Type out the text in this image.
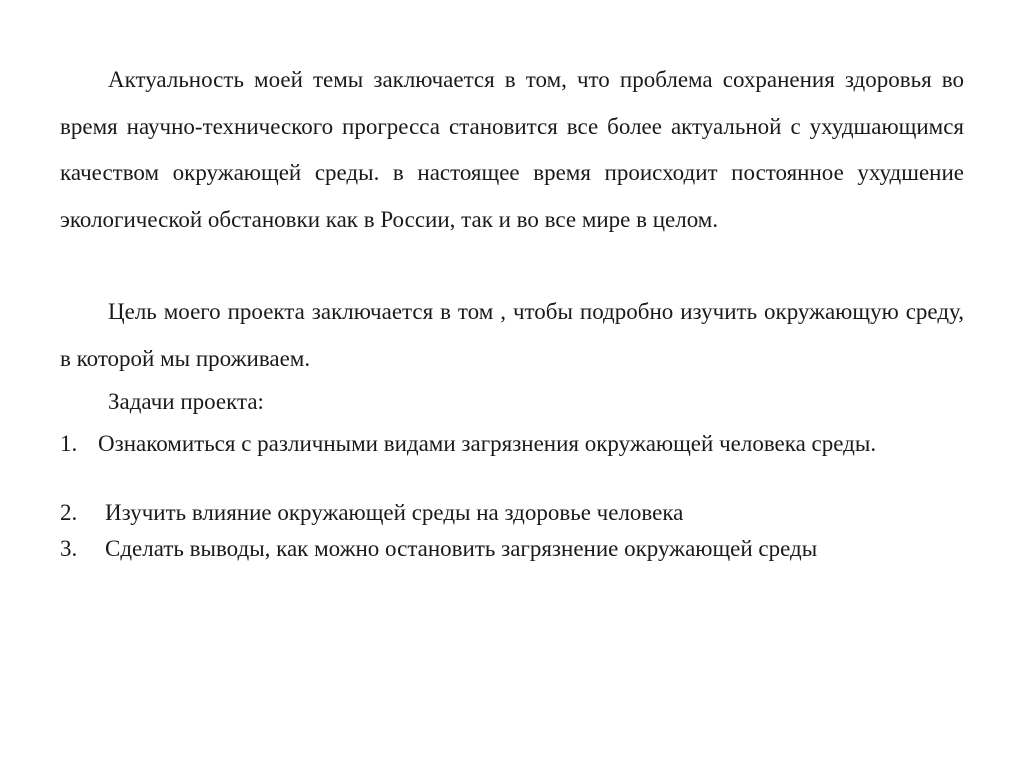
Актуальность моей темы заключается в том, что проблема сохранения здоровья во время научно-технического прогресса становится все более актуальной с ухудшающимся качеством окружающей среды. в настоящее время происходит постоянное ухудшение экологической обстановки как в России, так и во все мире в целом.

Цель моего проекта заключается в том , чтобы подробно изучить окружающую среду, в которой мы проживаем.

Задачи проекта:

1. Ознакомиться с различными видами загрязнения окружающей человека среды.
2.	Изучить влияние окружающей среды на здоровье человека
3.	Сделать выводы, как можно остановить загрязнение окружающей среды
